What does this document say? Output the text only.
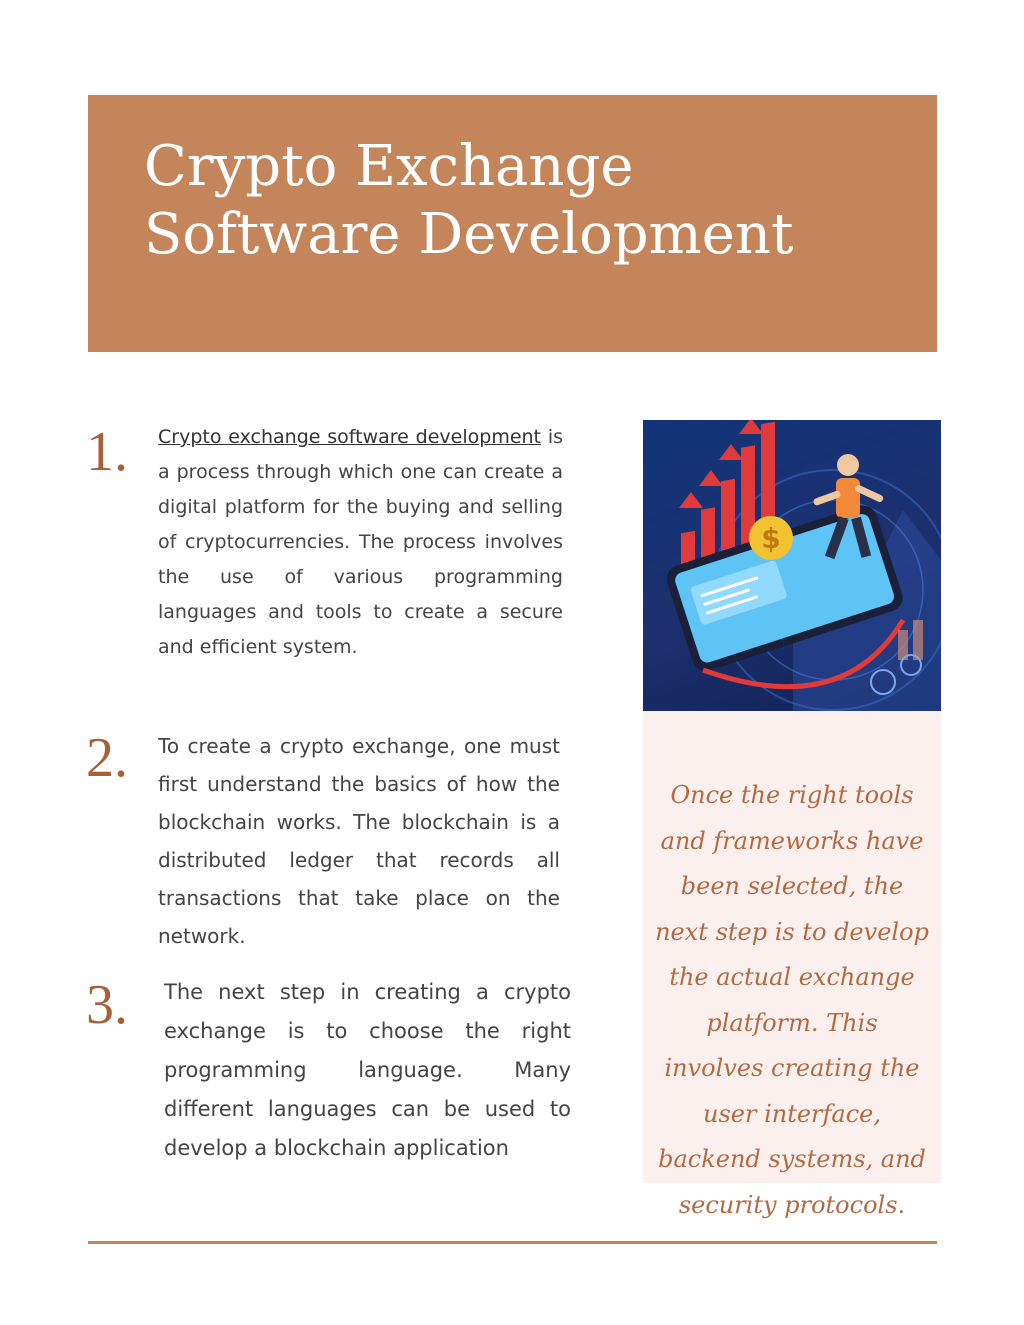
Crypto Exchange
Software Development
1. Crypto exchange software development is a process through which one can create a digital platform for the buying and selling of cryptocurrencies. The process involves the use of various programming languages and tools to create a secure and efficient system.

2. To create a crypto exchange, one must first understand the basics of how the blockchain works. The blockchain is a distributed ledger that records all transactions that take place on the network.

3. The next step in creating a crypto exchange is to choose the right programming language. Many different languages can be used to develop a blockchain application

$

Once the right tools and frameworks have been selected, the next step is to develop the actual exchange platform. This involves creating the user interface, backend systems, and security protocols.
